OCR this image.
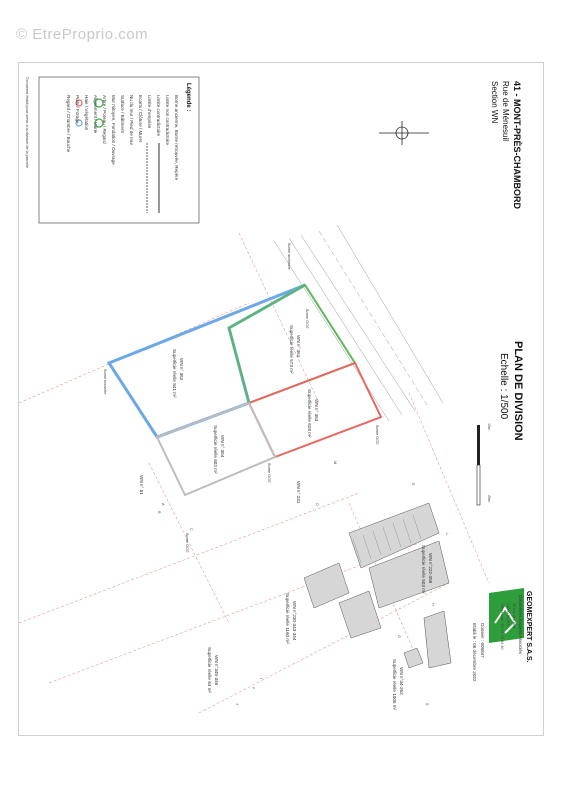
© EtreProprio.com
41 - MONT-PRÈS-CHAMBORD
Rue de Ménesuil
Section WN
PLAN DE DIVISION
Echelle : 1/500
15m
20m
Légende :
Borne ancienne, Borne retrouvée, Repère
Limite non contradictoire
Limite contradictoire
Limite d'emprise
Ecarts / Clôture / Muret
Nu du mur / Pied de mur
Surface / Bâtiment
Mur mitoyen, Fondation / Ouvrage
Arbre / Poteau / Regard
Alignement / Voirie
Haie / Végétation
Puits / Forage
Regard / Chambre / Bouche
Document établi pour servir à la division de la parcelle
WN n° 361
Superficie réelle 573 m²
WN n° 362
Superficie réelle 841 m²
WN n° 363
Superficie réelle 628 m²
WN n° 364
Superficie réelle 602 m²
WN n° 51	WN n° 231
WN n°222-358
Superficie réelle 503 m²
WN n°230-343-344
Superficie réelle 1160 m²
WN n°345-346
Superficie réelle 64 m²	WN n°34-262
Superficie réelle 1006 m²
Borne OGE
Borne nouvelle
Borne ancienne
Borne OGE
Borne OGE
Borne OGE
A
B
C
D
E
F
G
H
I
J	K
L
M
GEOMEXPERT S.A.S.
Géomètres Experts Associés
25 rue des Arts
41000 BLOIS
Téléphone : 02 54 78 84 40
Dossier : 605847
Etabli le : 06 décembre 2022
